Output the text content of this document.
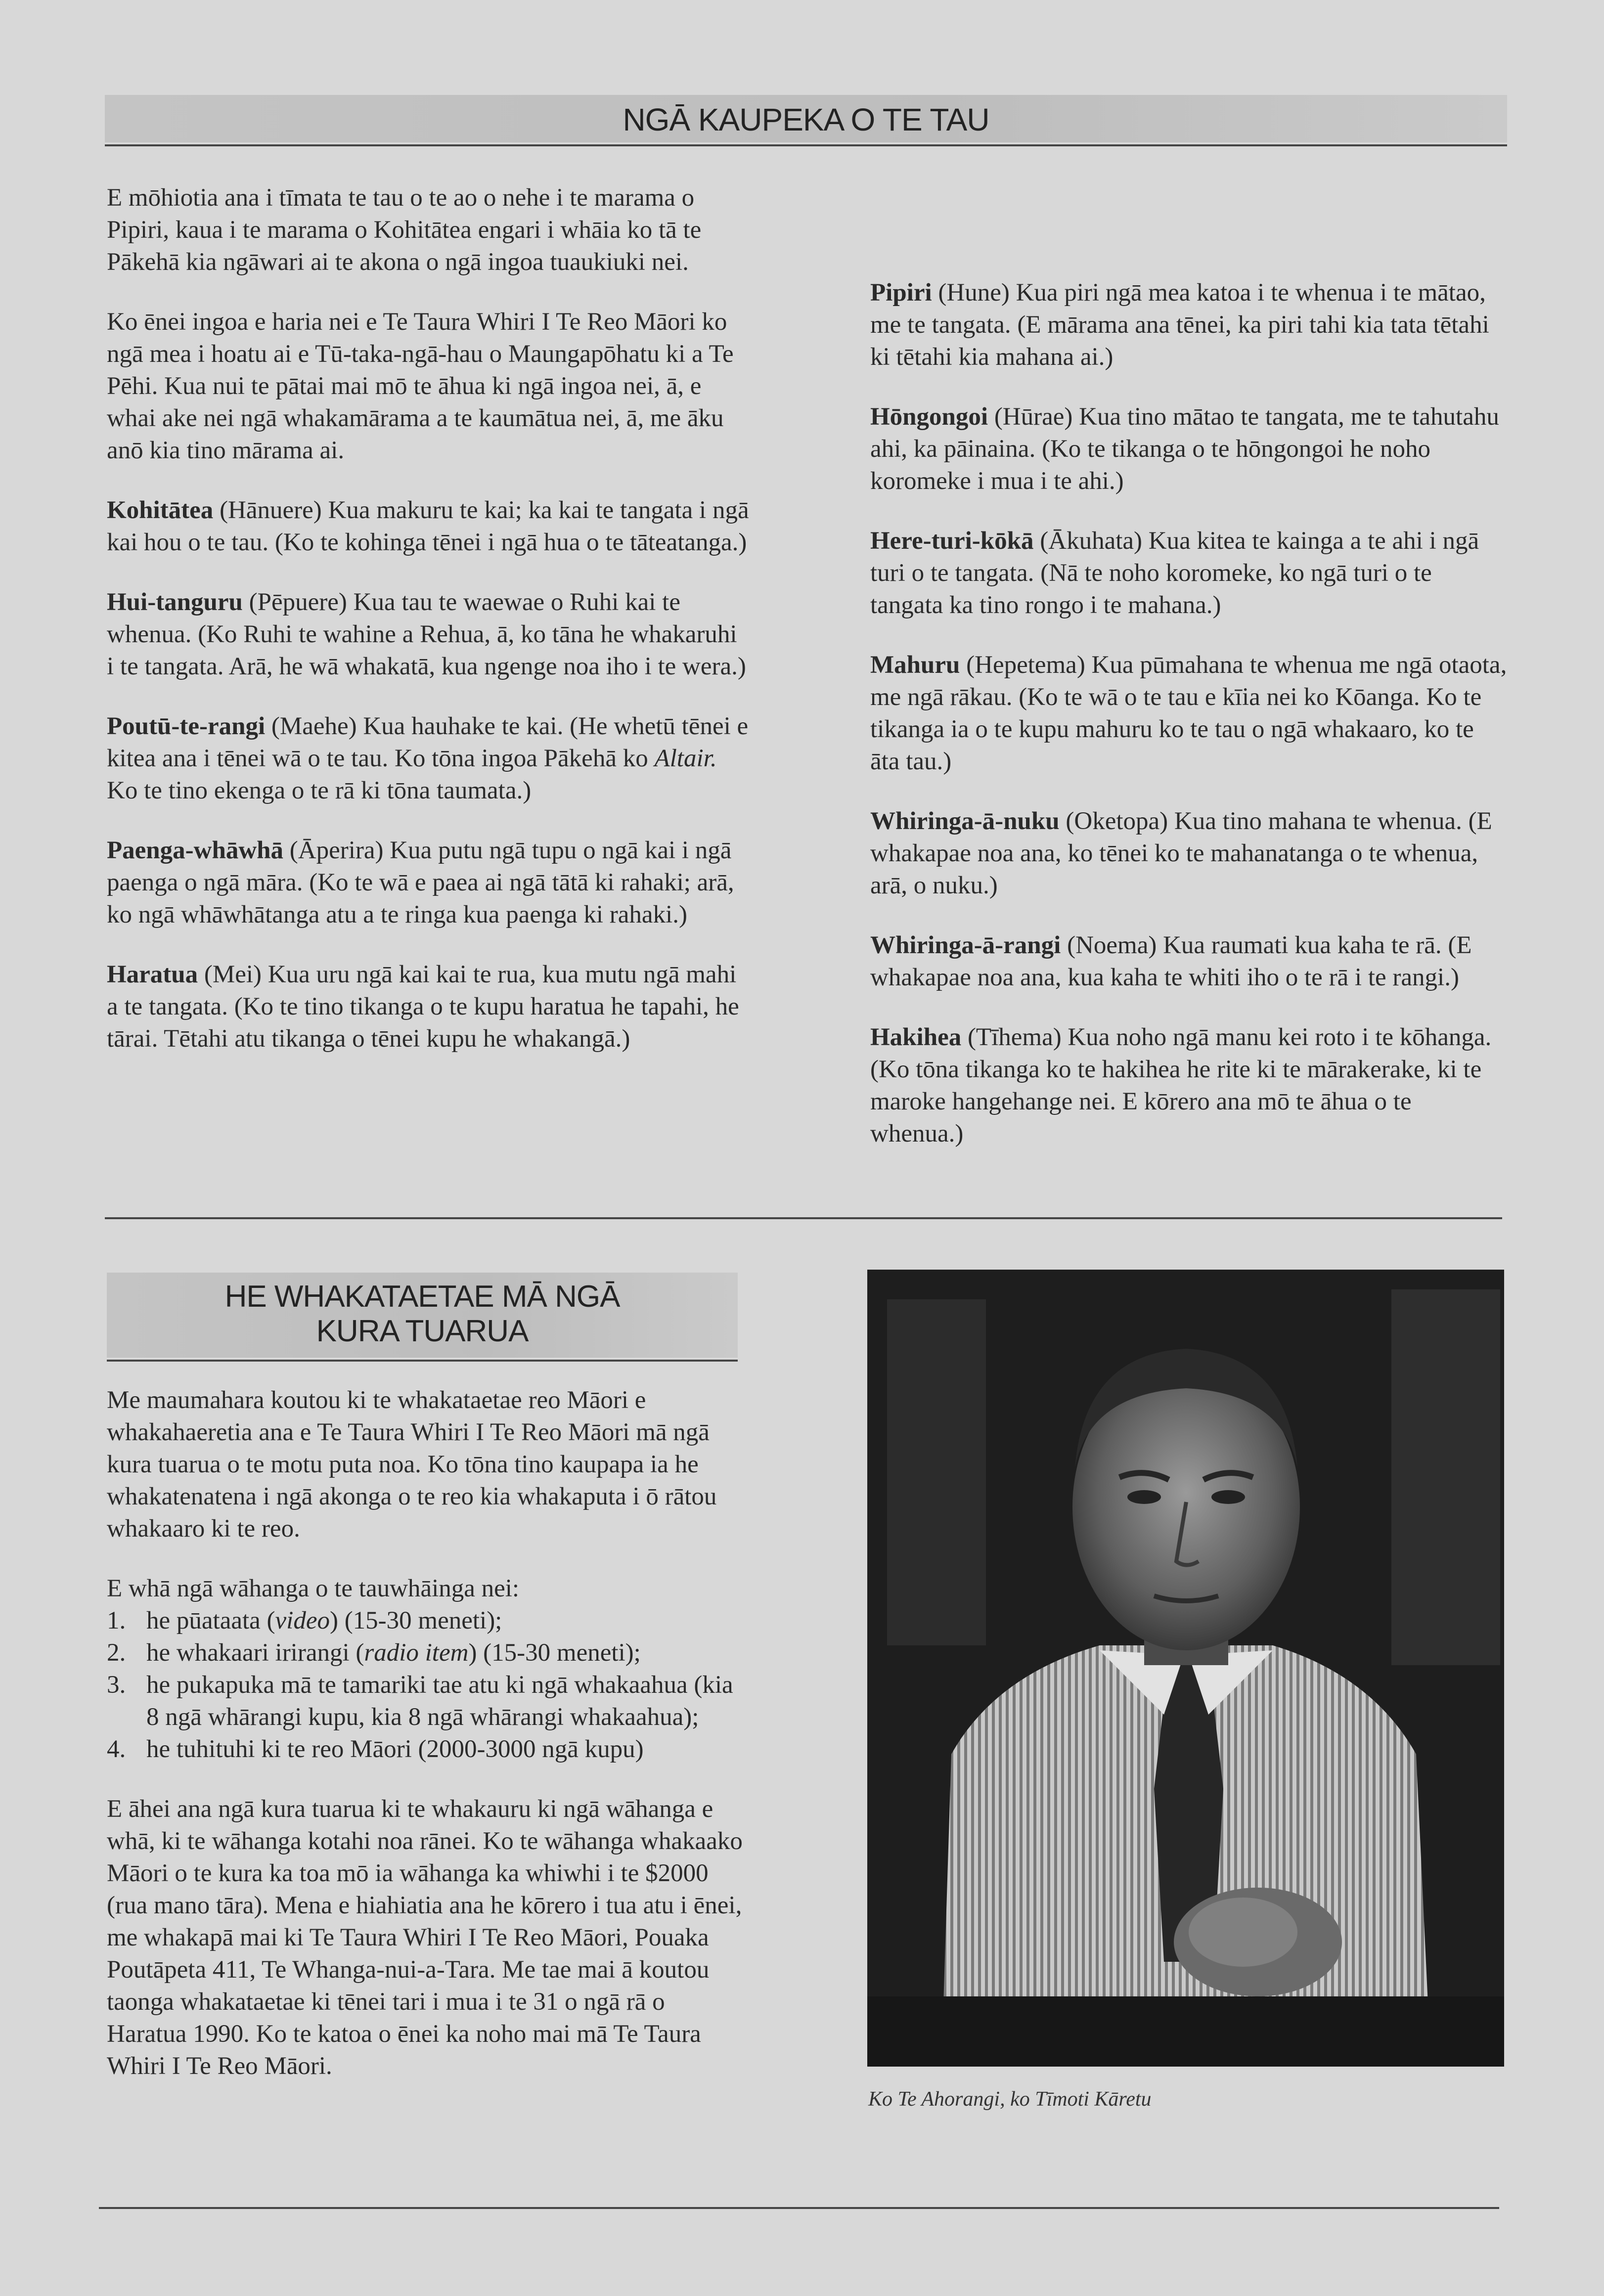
NGĀ KAUPEKA O TE TAU

E mōhiotia ana i tīmata te tau o te ao o nehe i te marama o Pipiri, kaua i te marama o Kohitātea engari i whāia ko tā te Pākehā kia ngāwari ai te akona o ngā ingoa tuaukiuki nei.

Ko ēnei ingoa e haria nei e Te Taura Whiri I Te Reo Māori ko ngā mea i hoatu ai e Tū-taka-ngā-hau o Maungapōhatu ki a Te Pēhi. Kua nui te pātai mai mō te āhua ki ngā ingoa nei, ā, e whai ake nei ngā whakamārama a te kaumātua nei, ā, me āku anō kia tino mārama ai.

Kohitātea (Hānuere) Kua makuru te kai; ka kai te tangata i ngā kai hou o te tau. (Ko te kohinga tēnei i ngā hua o te tāteatanga.)

Hui-tanguru (Pēpuere) Kua tau te waewae o Ruhi kai te whenua. (Ko Ruhi te wahine a Rehua, ā, ko tāna he whakaruhi i te tangata. Arā, he wā whakatā, kua ngenge noa iho i te wera.)

Poutū-te-rangi (Maehe) Kua hauhake te kai. (He whetū tēnei e kitea ana i tēnei wā o te tau. Ko tōna ingoa Pākehā ko Altair. Ko te tino ekenga o te rā ki tōna taumata.)

Paenga-whāwhā (Āperira) Kua putu ngā tupu o ngā kai i ngā paenga o ngā māra. (Ko te wā e paea ai ngā tātā ki rahaki; arā, ko ngā whāwhātanga atu a te ringa kua paenga ki rahaki.)

Haratua (Mei) Kua uru ngā kai kai te rua, kua mutu ngā mahi a te tangata. (Ko te tino tikanga o te kupu haratua he tapahi, he tārai. Tētahi atu tikanga o tēnei kupu he whakangā.)

Pipiri (Hune) Kua piri ngā mea katoa i te whenua i te mātao, me te tangata. (E mārama ana tēnei, ka piri tahi kia tata tētahi ki tētahi kia mahana ai.)

Hōngongoi (Hūrae) Kua tino mātao te tangata, me te tahutahu ahi, ka pāinaina. (Ko te tikanga o te hōngongoi he noho koromeke i mua i te ahi.)

Here-turi-kōkā (Ākuhata) Kua kitea te kainga a te ahi i ngā turi o te tangata. (Nā te noho koromeke, ko ngā turi o te tangata ka tino rongo i te mahana.)

Mahuru (Hepetema) Kua pūmahana te whenua me ngā otaota, me ngā rākau. (Ko te wā o te tau e kīia nei ko Kōanga. Ko te tikanga ia o te kupu mahuru ko te tau o ngā whakaaro, ko te āta tau.)

Whiringa-ā-nuku (Oketopa) Kua tino mahana te whenua. (E whakapae noa ana, ko tēnei ko te mahanatanga o te whenua, arā, o nuku.)

Whiringa-ā-rangi (Noema) Kua raumati kua kaha te rā. (E whakapae noa ana, kua kaha te whiti iho o te rā i te rangi.)

Hakihea (Tīhema) Kua noho ngā manu kei roto i te kōhanga. (Ko tōna tikanga ko te hakihea he rite ki te mārakerake, ki te maroke hangehange nei. E kōrero ana mō te āhua o te whenua.)

HE WHAKATAETAE MĀ NGĀ
KURA TUARUA

Me maumahara koutou ki te whakataetae reo Māori e whakahaeretia ana e Te Taura Whiri I Te Reo Māori mā ngā kura tuarua o te motu puta noa. Ko tōna tino kaupapa ia he whakatenatena i ngā akonga o te reo kia whakaputa i ō rātou whakaaro ki te reo.

E whā ngā wāhanga o te tauwhāinga nei:
1. he pūataata (video) (15-30 meneti);
2. he whakaari irirangi (radio item) (15-30 meneti);
3. he pukapuka mā te tamariki tae atu ki ngā whakaahua (kia 8 ngā whārangi kupu, kia 8 ngā whārangi whakaahua);
4. he tuhituhi ki te reo Māori (2000-3000 ngā kupu)

E āhei ana ngā kura tuarua ki te whakauru ki ngā wāhanga e whā, ki te wāhanga kotahi noa rānei. Ko te wāhanga whakaako Māori o te kura ka toa mō ia wāhanga ka whiwhi i te $2000 (rua mano tāra). Mena e hiahiatia ana he kōrero i tua atu i ēnei, me whakapā mai ki Te Taura Whiri I Te Reo Māori, Pouaka Poutāpeta 411, Te Whanga-nui-a-Tara. Me tae mai ā koutou taonga whakataetae ki tēnei tari i mua i te 31 o ngā rā o Haratua 1990. Ko te katoa o ēnei ka noho mai mā Te Taura Whiri I Te Reo Māori.

Ko Te Ahorangi, ko Tīmoti Kāretu
